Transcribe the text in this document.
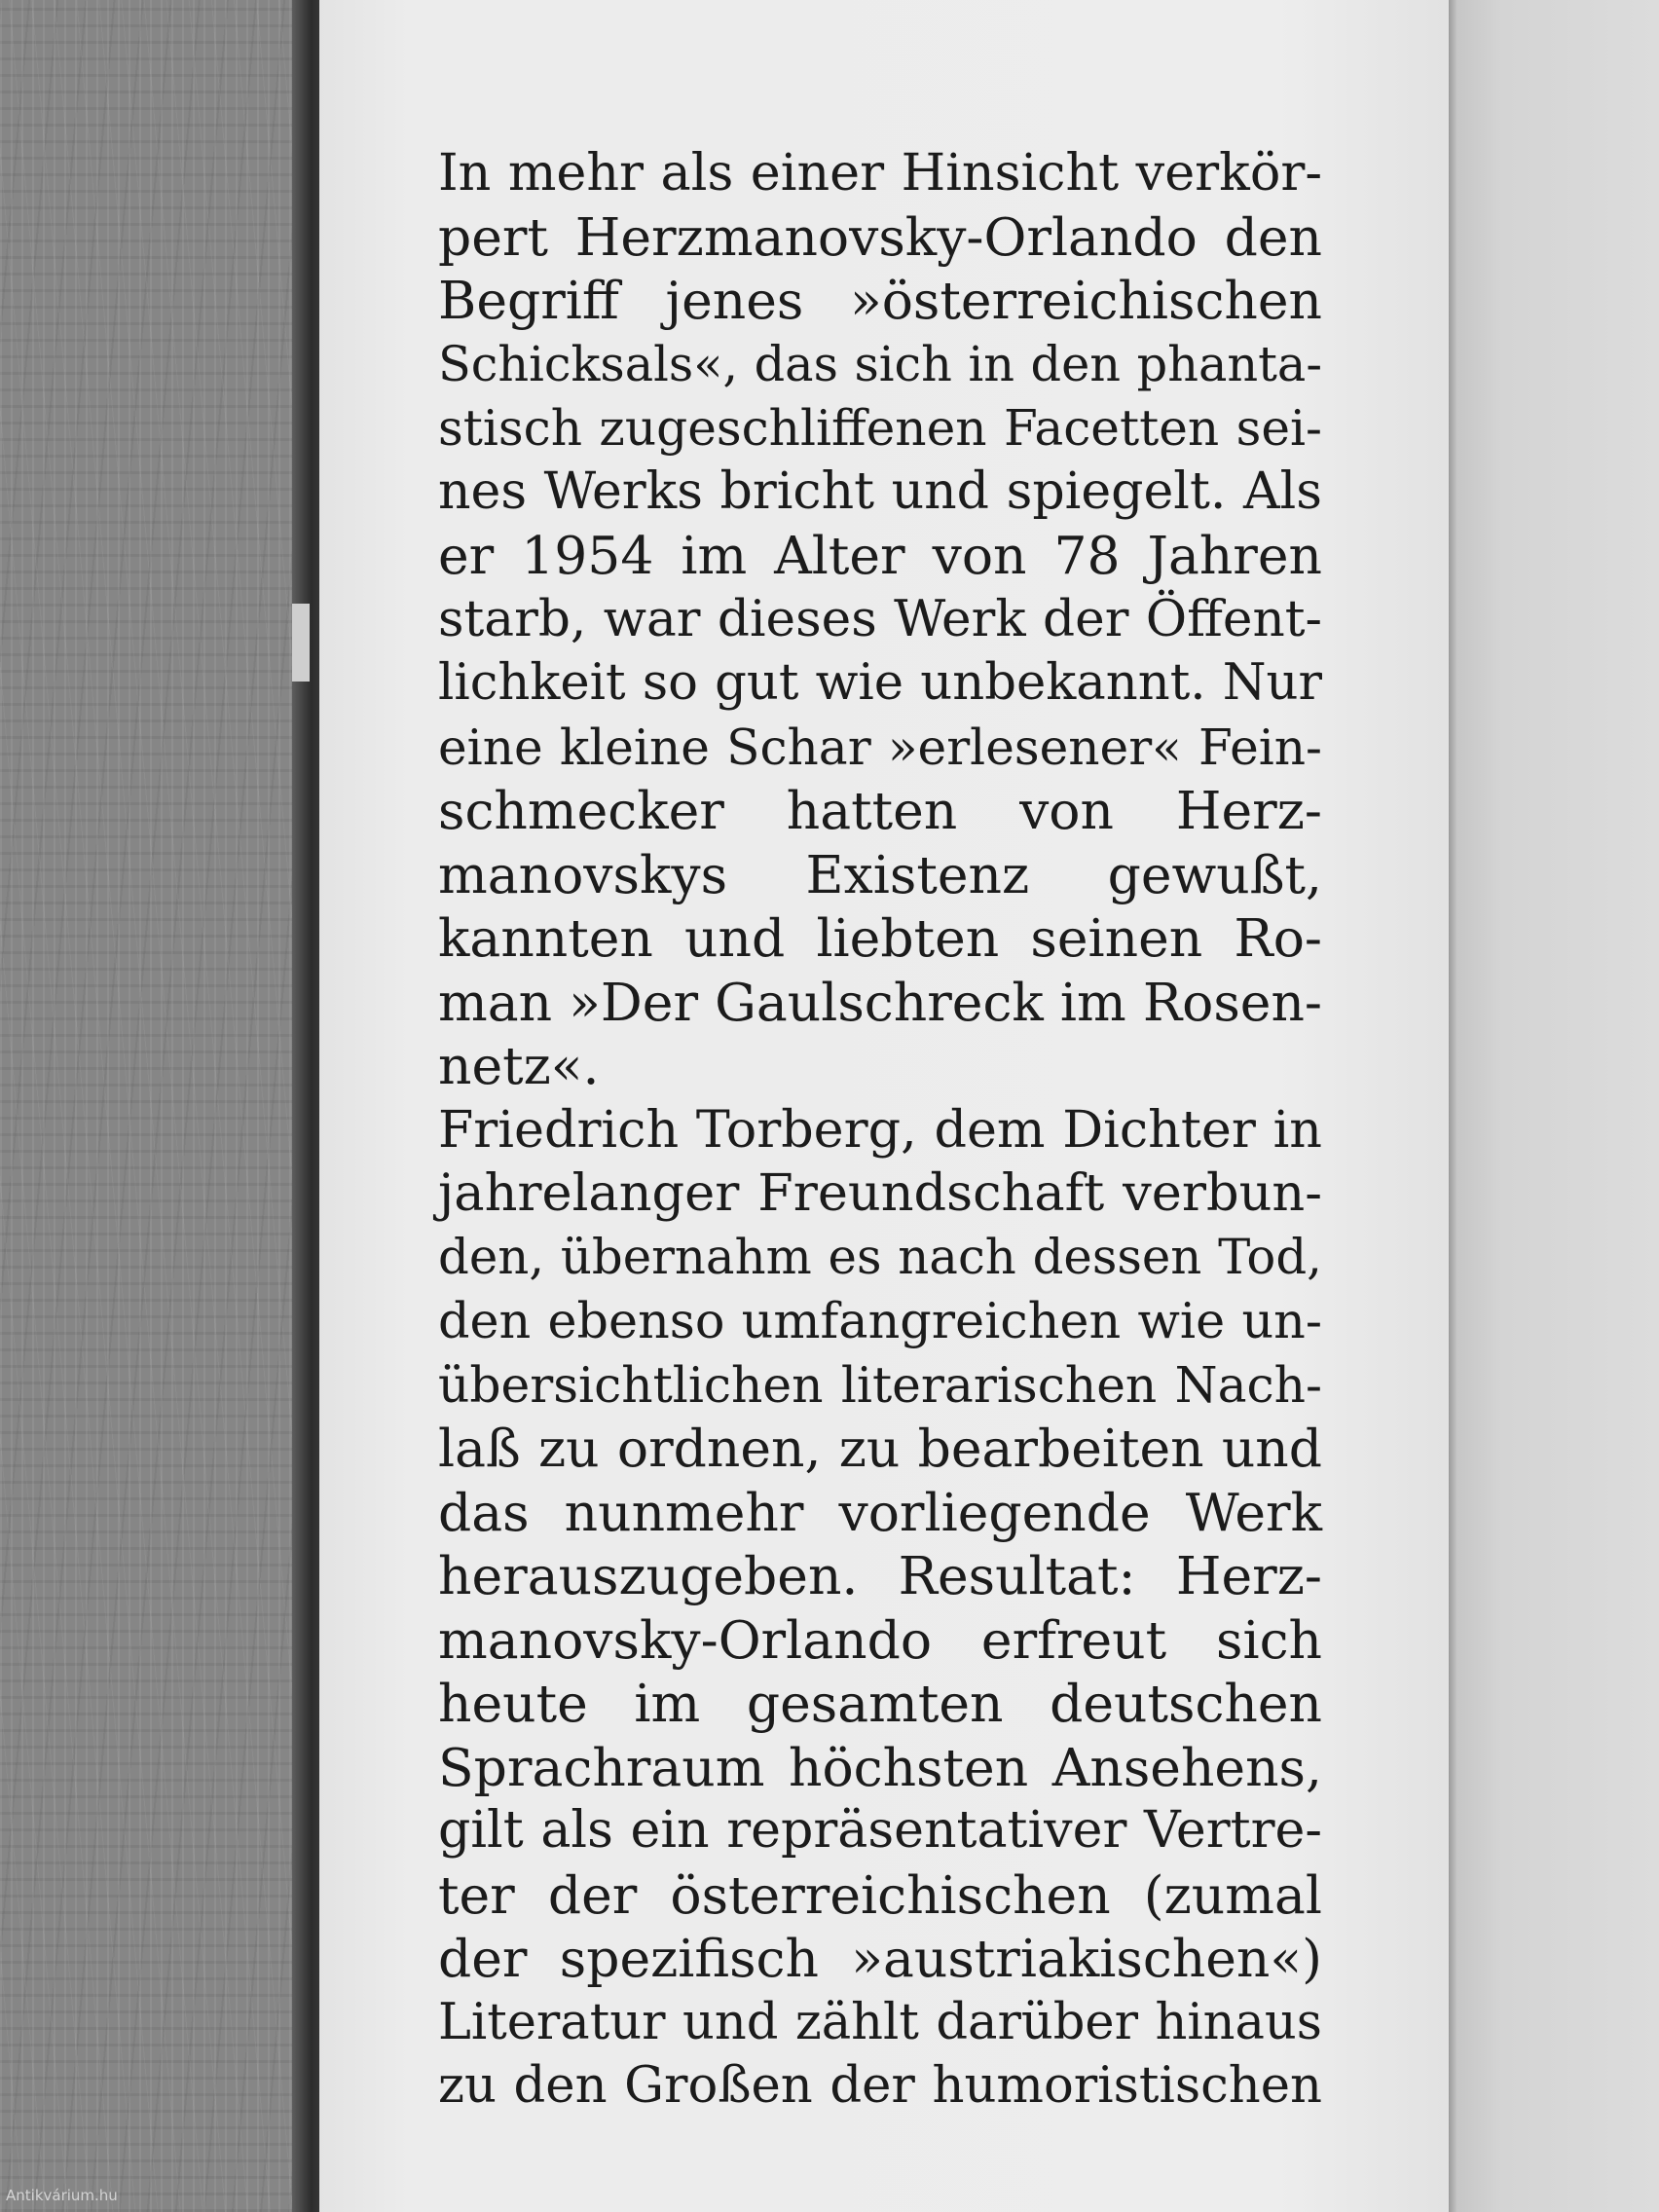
In mehr als einer Hinsicht verkör-
pert Herzmanovsky-Orlando den
Begriff jenes »österreichischen
Schicksals«, das sich in den phanta-
stisch zugeschliffenen Facetten sei-
nes Werks bricht und spiegelt. Als
er 1954 im Alter von 78 Jahren
starb, war dieses Werk der Öffent-
lichkeit so gut wie unbekannt. Nur
eine kleine Schar »erlesener« Fein-
schmecker hatten von Herz-
manovskys Existenz gewußt,
kannten und liebten seinen Ro-
man »Der Gaulschreck im Rosen-
netz«.
Friedrich Torberg, dem Dichter in
jahrelanger Freundschaft verbun-
den, übernahm es nach dessen Tod,
den ebenso umfangreichen wie un-
übersichtlichen literarischen Nach-
laß zu ordnen, zu bearbeiten und
das nunmehr vorliegende Werk
herauszugeben. Resultat: Herz-
manovsky-Orlando erfreut sich
heute im gesamten deutschen
Sprachraum höchsten Ansehens,
gilt als ein repräsentativer Vertre-
ter der österreichischen (zumal
der spezifisch »austriakischen«)
Literatur und zählt darüber hinaus
zu den Großen der humoristischen
Antikvárium.hu
